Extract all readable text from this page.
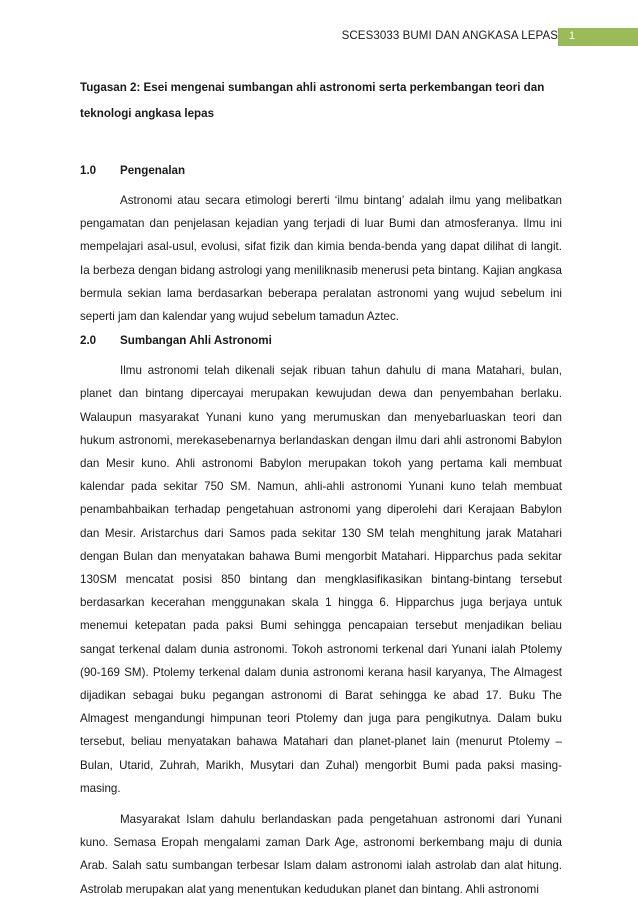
SCES3033 BUMI DAN ANGKASA LEPAS 1

Tugasan 2: Esei mengenai sumbangan ahli astronomi serta perkembangan teori dan teknologi angkasa lepas

1.0	Pengenalan

Astronomi atau secara etimologi bererti ‘ilmu bintang’ adalah ilmu yang melibatkan pengamatan dan penjelasan kejadian yang terjadi di luar Bumi dan atmosferanya. Ilmu ini mempelajari asal-usul, evolusi, sifat fizik dan kimia benda-benda yang dapat dilihat di langit. Ia berbeza dengan bidang astrologi yang meniliknasib menerusi peta bintang. Kajian angkasa bermula sekian lama berdasarkan beberapa peralatan astronomi yang wujud sebelum ini seperti jam dan kalendar yang wujud sebelum tamadun Aztec.

2.0	Sumbangan Ahli Astronomi

Ilmu astronomi telah dikenali sejak ribuan tahun dahulu di mana Matahari, bulan, planet dan bintang dipercayai merupakan kewujudan dewa dan penyembahan berlaku. Walaupun masyarakat Yunani kuno yang merumuskan dan menyebarluaskan teori dan hukum astronomi, merekasebenarnya berlandaskan dengan ilmu dari ahli astronomi Babylon dan Mesir kuno. Ahli astronomi Babylon merupakan tokoh yang pertama kali membuat kalendar pada sekitar 750 SM. Namun, ahli-ahli astronomi Yunani kuno telah membuat penambahbaikan terhadap pengetahuan astronomi yang diperolehi dari Kerajaan Babylon dan Mesir. Aristarchus dari Samos pada sekitar 130 SM telah menghitung jarak Matahari dengan Bulan dan menyatakan bahawa Bumi mengorbit Matahari. Hipparchus pada sekitar 130SM mencatat posisi 850 bintang dan mengklasifikasikan bintang-bintang tersebut berdasarkan kecerahan menggunakan skala 1 hingga 6. Hipparchus juga berjaya untuk menemui ketepatan pada paksi Bumi sehingga pencapaian tersebut menjadikan beliau sangat terkenal dalam dunia astronomi. Tokoh astronomi terkenal dari Yunani ialah Ptolemy (90-169 SM). Ptolemy terkenal dalam dunia astronomi kerana hasil karyanya, The Almagest dijadikan sebagai buku pegangan astronomi di Barat sehingga ke abad 17. Buku The Almagest mengandungi himpunan teori Ptolemy dan juga para pengikutnya. Dalam buku tersebut, beliau menyatakan bahawa Matahari dan planet-planet lain (menurut Ptolemy – Bulan, Utarid, Zuhrah, Marikh, Musytari dan Zuhal) mengorbit Bumi pada paksi masing-masing.

Masyarakat Islam dahulu berlandaskan pada pengetahuan astronomi dari Yunani kuno. Semasa Eropah mengalami zaman Dark Age, astronomi berkembang maju di dunia Arab. Salah satu sumbangan terbesar Islam dalam astronomi ialah astrolab dan alat hitung. Astrolab merupakan alat yang menentukan kedudukan planet dan bintang. Ahli astronomi
